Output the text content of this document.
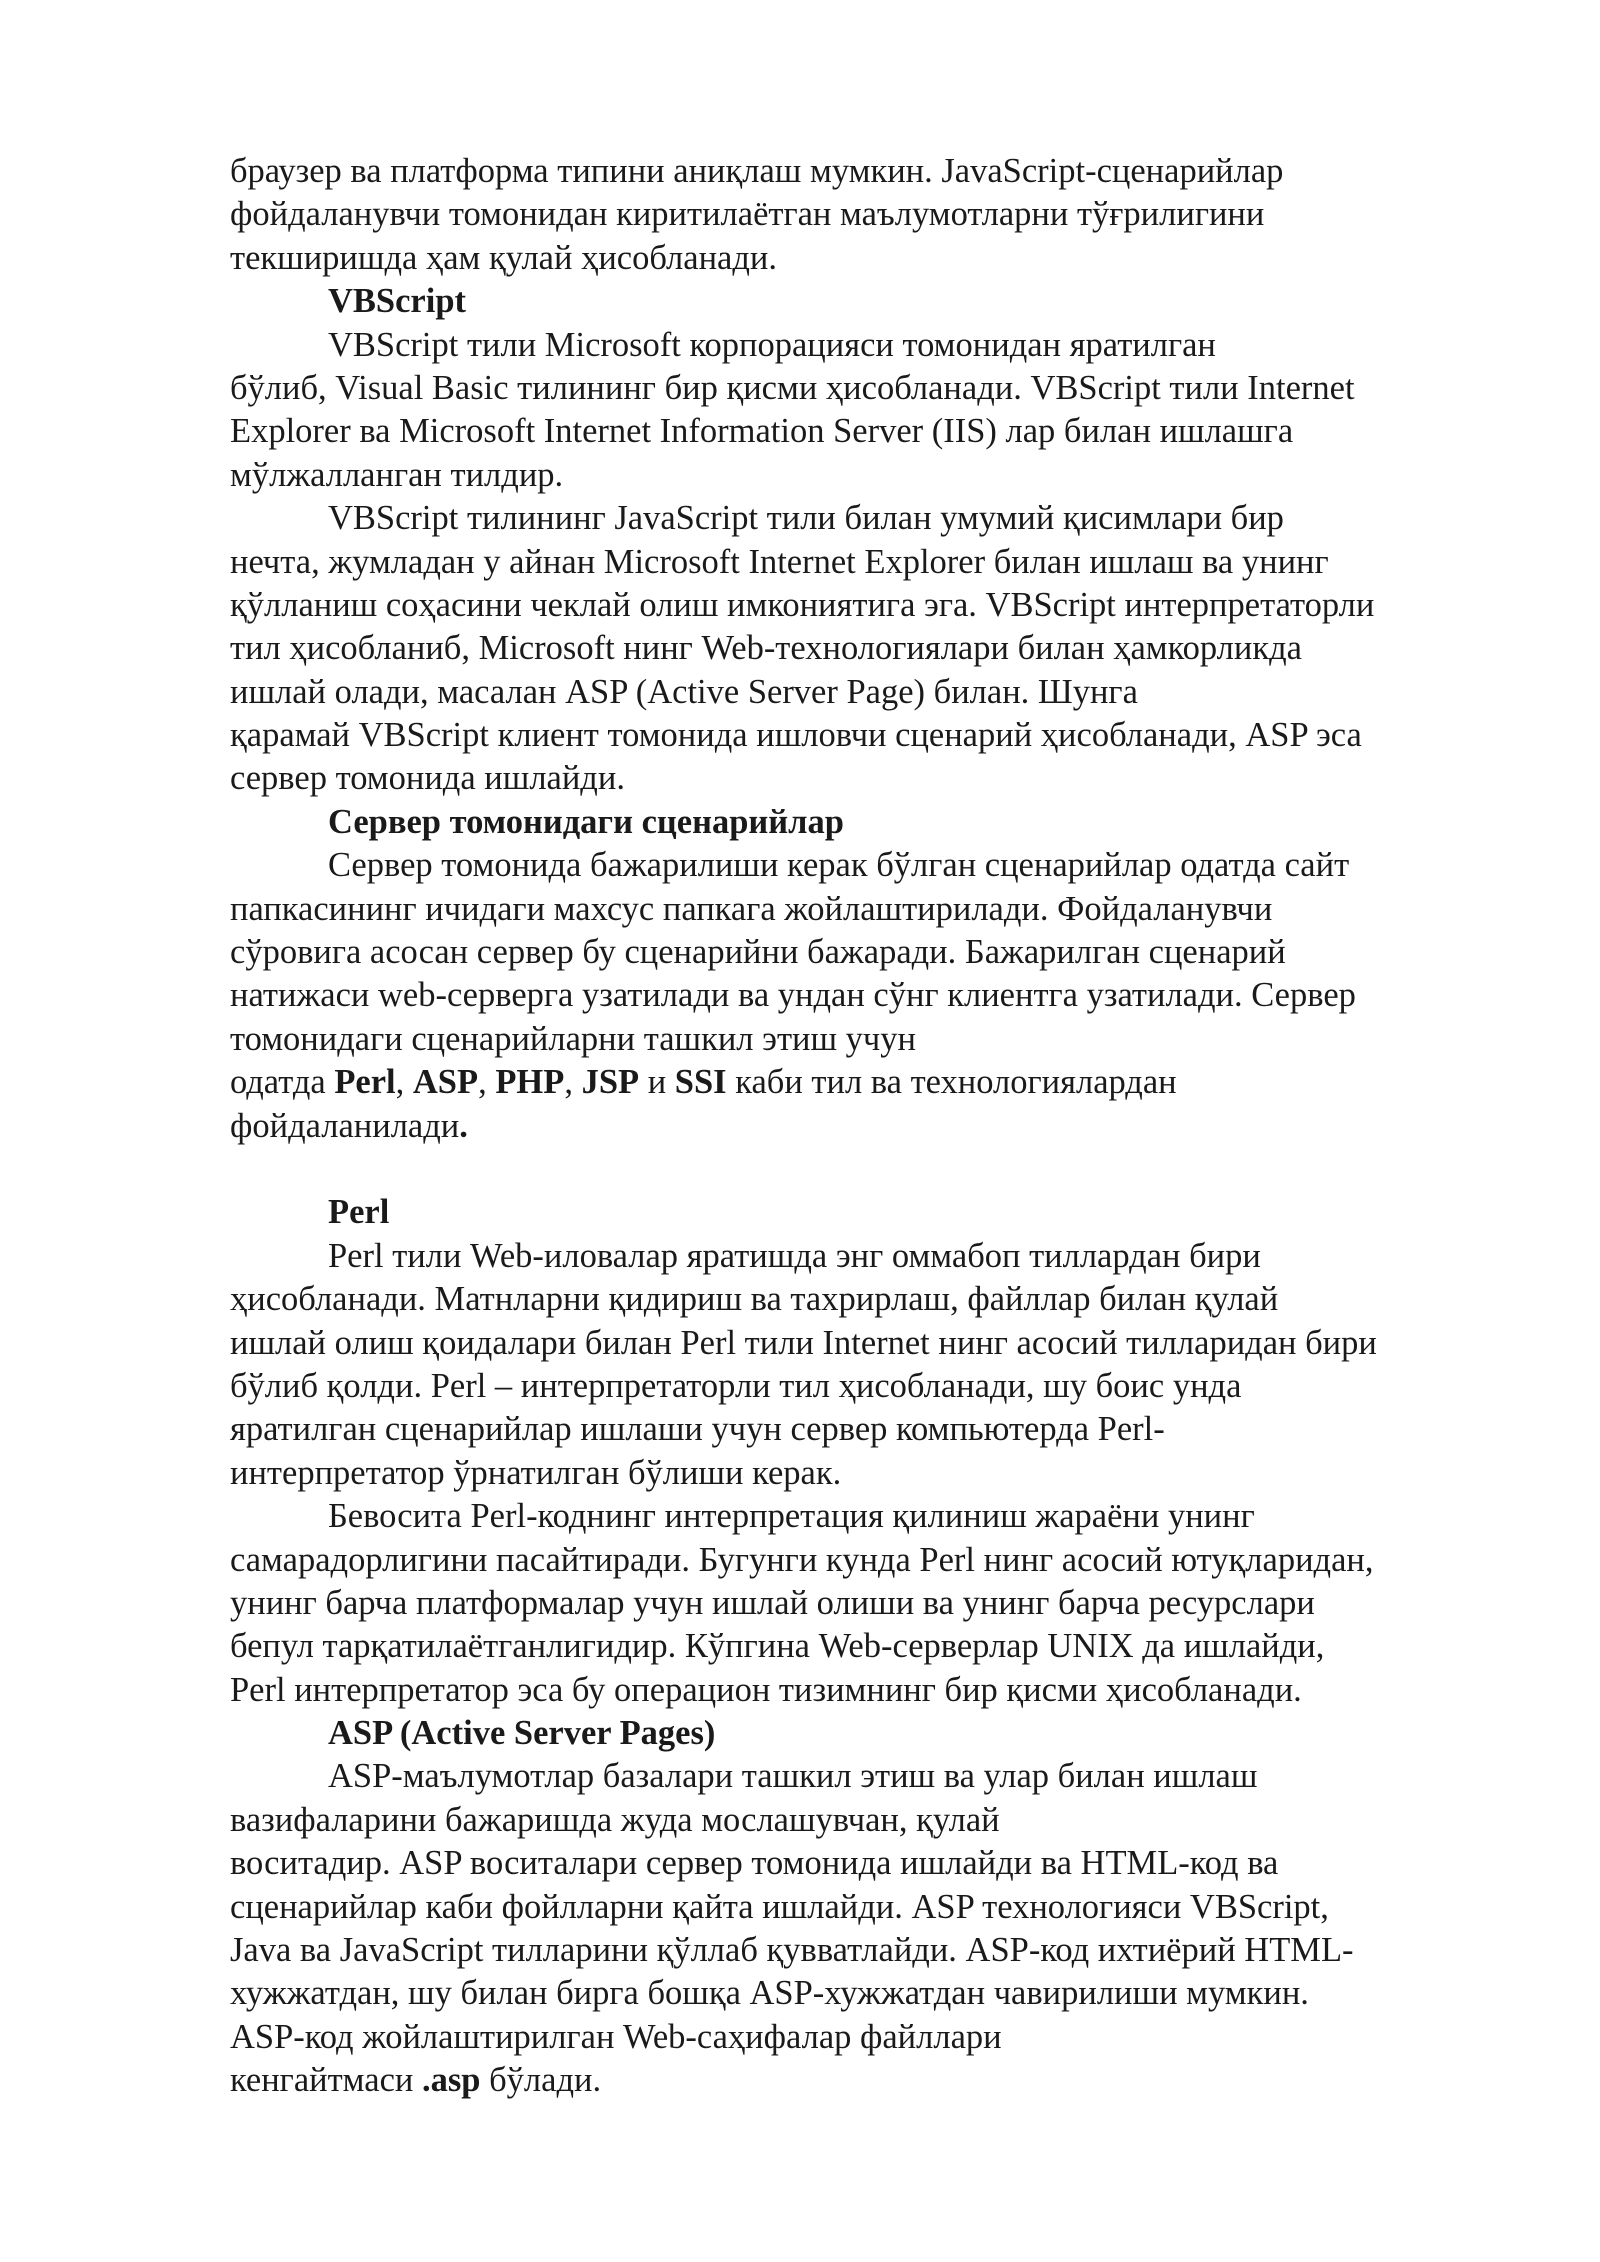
браузер ва платформа типини аниқлаш мумкин. JavaScript-сценарийлар
фойдаланувчи томонидан киритилаётган маълумотларни тўғрилигини
текширишда ҳам қулай ҳисобланади.
VBScript
VBScript тили Microsoft корпорацияси томонидан яратилган
бўлиб, Visual Basic тилининг бир қисми ҳисобланади. VBScript тили Internet
Explorer ва Microsoft Internet Information Server (IIS) лар билан ишлашга
мўлжалланган тилдир.
VBScript тилининг JavaScript тили билан умумий қисимлари бир
нечта, жумладан у айнан Microsoft Internet Explorer билан ишлаш ва унинг
қўлланиш соҳасини чеклай олиш имкониятига эга. VBScript интерпретаторли
тил ҳисобланиб, Microsoft нинг Web-технологиялари билан ҳамкорликда
ишлай олади, масалан ASP (Active Server Page) билан. Шунга
қарамай VBScript клиент томонида ишловчи сценарий ҳисобланади, ASP эса
сервер томонида ишлайди.
Сервер томонидаги сценарийлар
Сервер томонида бажарилиши керак бўлган сценарийлар одатда сайт
папкасининг ичидаги махсус папкага жойлаштирилади. Фойдаланувчи
сўровига асосан сервер бу сценарийни бажаради. Бажарилган сценарий
натижаси web-серверга узатилади ва ундан сўнг клиентга узатилади. Сервер
томонидаги сценарийларни ташкил этиш учун
одатда Perl, ASP, PHP, JSP и SSI каби тил ва технологиялардан
фойдаланилади.
Perl
Perl тили Web-иловалар яратишда энг оммабоп тиллардан бири
ҳисобланади. Матнларни қидириш ва тахрирлаш, файллар билан қулай
ишлай олиш қоидалари билан Perl тили Internet нинг асосий тилларидан бири
бўлиб қолди. Perl – интерпретаторли тил ҳисобланади, шу боис унда
яратилган сценарийлар ишлаши учун сервер компьютерда Perl-
интерпретатор ўрнатилган бўлиши керак.
Бевосита Perl-коднинг интерпретация қилиниш жараёни унинг
самарадорлигини пасайтиради. Бугунги кунда Perl нинг асосий ютуқларидан,
унинг барча платформалар учун ишлай олиши ва унинг барча ресурслари
бепул тарқатилаётганлигидир. Кўпгина Web-серверлар UNIX да ишлайди,
Perl интерпретатор эса бу операцион тизимнинг бир қисми ҳисобланади.
ASP (Active Server Pages)
ASP-маълумотлар базалари ташкил этиш ва улар билан ишлаш
вазифаларини бажаришда жуда мослашувчан, қулай
воситадир. ASP воситалари сервер томонида ишлайди ва HTML-код ва
сценарийлар каби фойлларни қайта ишлайди. ASP технологияси VBScript,
Java ва JavaScript тилларини қўллаб қувватлайди. ASP-код ихтиёрий HTML-
хужжатдан, шу билан бирга бошқа ASP-хужжатдан чавирилиши мумкин.
ASP-код жойлаштирилган Web-саҳифалар файллари
кенгайтмаси .asp бўлади.
